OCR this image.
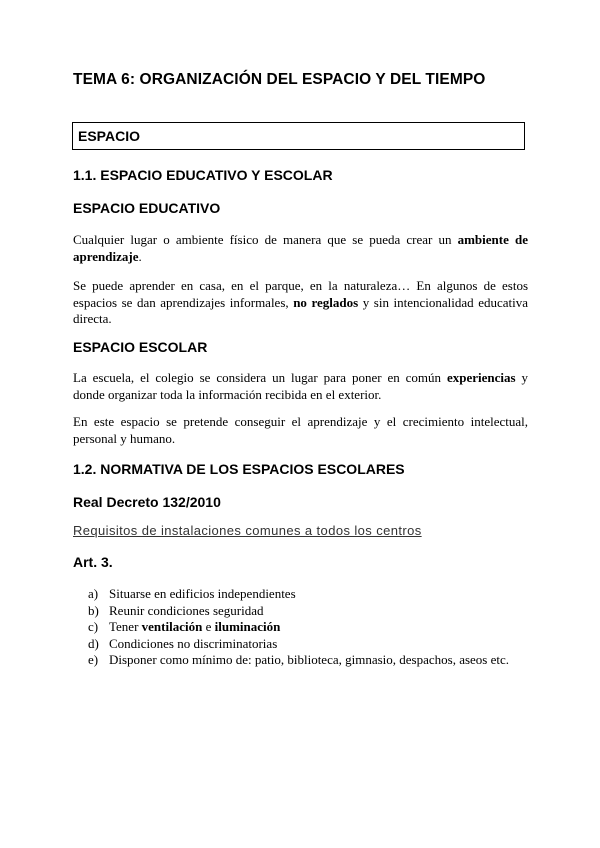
TEMA 6: ORGANIZACIÓN DEL ESPACIO Y DEL TIEMPO
ESPACIO
1.1. ESPACIO EDUCATIVO Y ESCOLAR
ESPACIO EDUCATIVO
Cualquier lugar o ambiente físico de manera que se pueda crear un ambiente de aprendizaje.
Se puede aprender en casa, en el parque, en la naturaleza… En algunos de estos espacios se dan aprendizajes informales, no reglados y sin intencionalidad educativa directa.
ESPACIO ESCOLAR
La escuela, el colegio se considera un lugar para poner en común experiencias y donde organizar toda la información recibida en el exterior.
En este espacio se pretende conseguir el aprendizaje y el crecimiento intelectual, personal y humano.
1.2. NORMATIVA DE LOS ESPACIOS ESCOLARES
Real Decreto 132/2010
Requisitos de instalaciones comunes a todos los centros
Art. 3.
a) Situarse en edificios independientes
b) Reunir condiciones seguridad
c) Tener ventilación e iluminación
d) Condiciones no discriminatorias
e) Disponer como mínimo de: patio, biblioteca, gimnasio, despachos, aseos etc.
